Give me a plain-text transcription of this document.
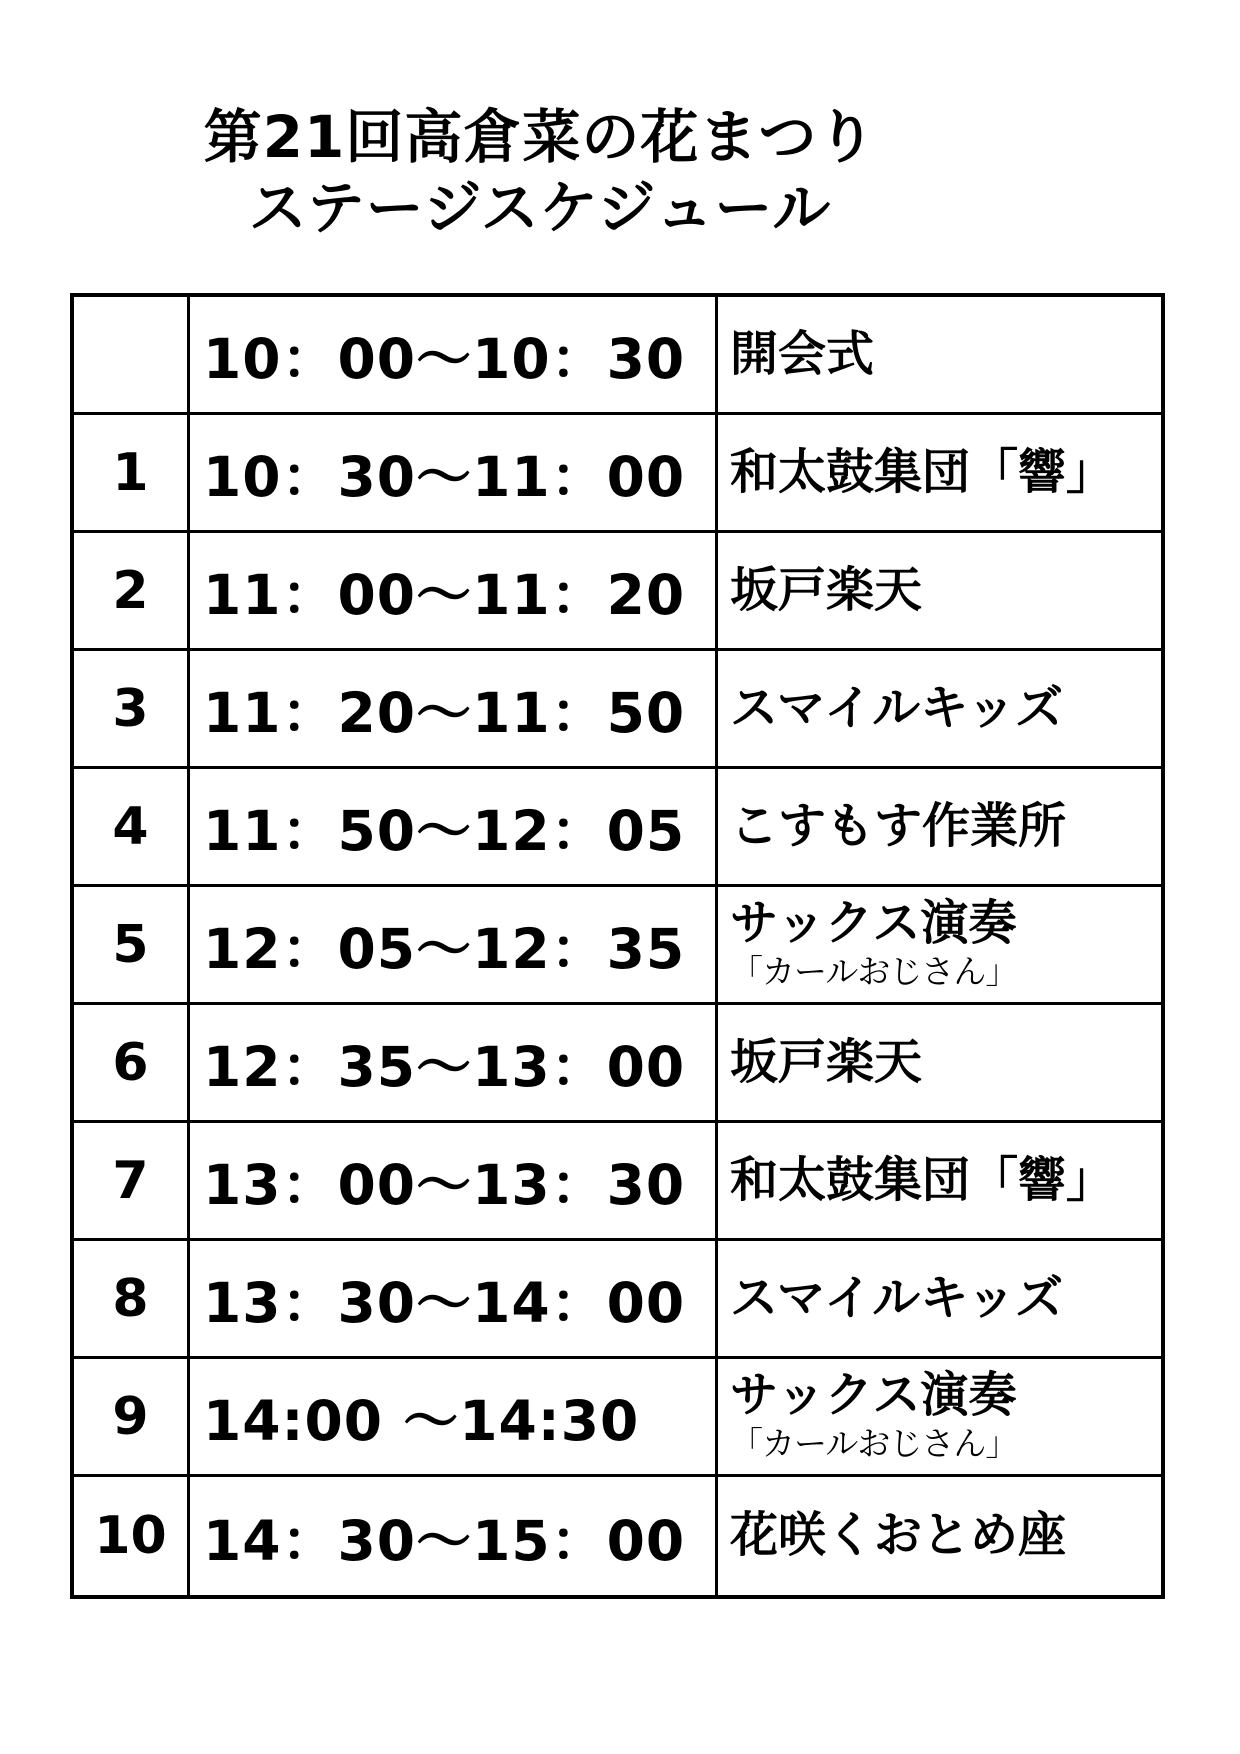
第21回高倉菜の花まつり
ステージスケジュール
10：00～10：30 開会式
1 10：30～11：00 和太鼓集団「響」
2 11：00～11：20 坂戸楽天
3 11：20～11：50 スマイルキッズ
4 11：50～12：05 こすもす作業所
5 12：05～12：35 サックス演奏
「カールおじさん」
6 12：35～13：00 坂戸楽天
7 13：00～13：30 和太鼓集団「響」
8 13：30～14：00 スマイルキッズ
9 14:00 ～14:30	サックス演奏
「カールおじさん」
10 14：30～15：00 花咲くおとめ座
